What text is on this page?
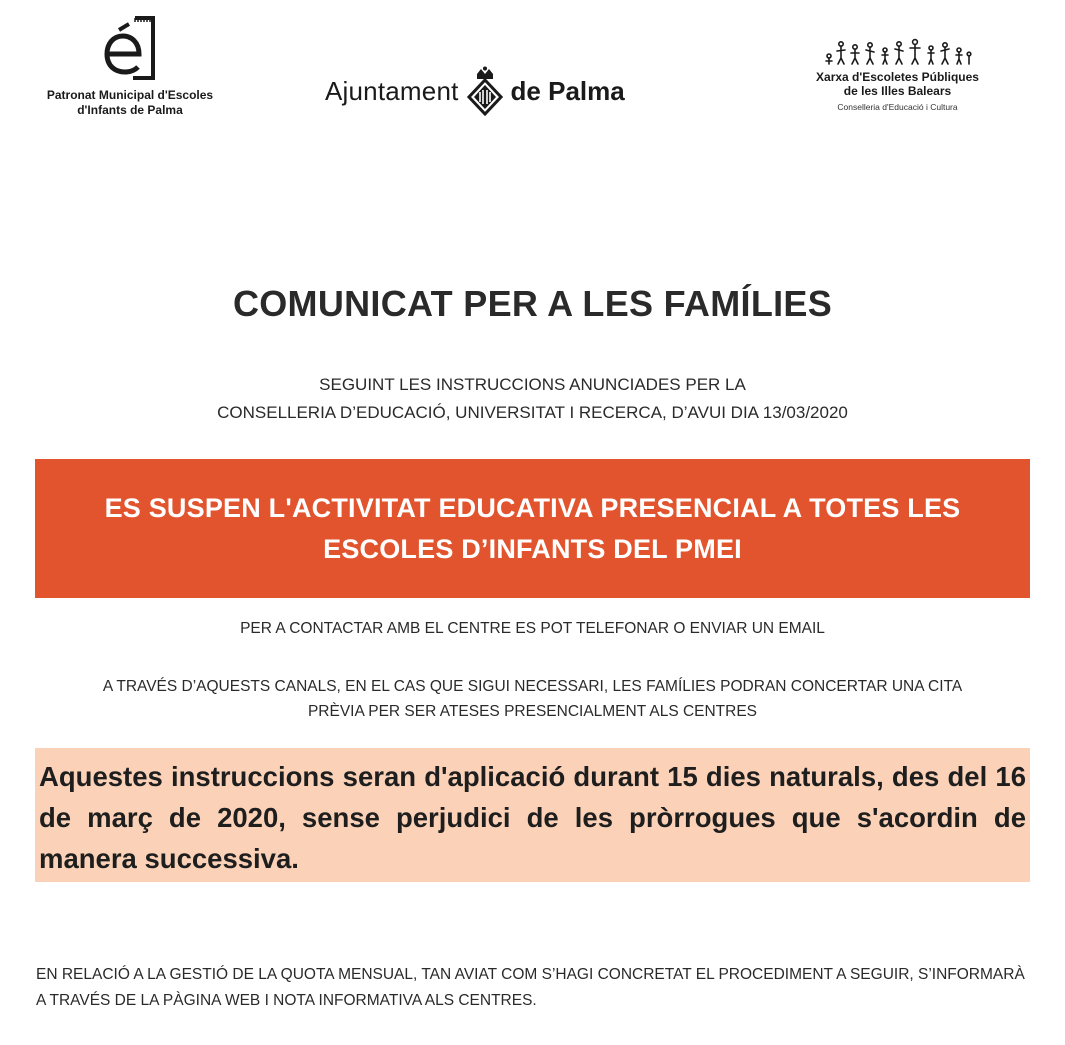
Patronat Municipal d'Escoles
d'Infants de Palma
Ajuntament de Palma	Xarxa d'Escoletes Públiques
de les Illes Balears
Conselleria d'Educació i Cultura
COMUNICAT PER A LES FAMÍLIES
SEGUINT LES INSTRUCCIONS ANUNCIADES PER LA
CONSELLERIA D’EDUCACIÓ, UNIVERSITAT I RECERCA, D’AVUI DIA 13/03/2020
ES SUSPEN L'ACTIVITAT EDUCATIVA PRESENCIAL A TOTES LES
ESCOLES D’INFANTS DEL PMEI
PER A CONTACTAR AMB EL CENTRE ES POT TELEFONAR O ENVIAR UN EMAIL
A TRAVÉS D’AQUESTS CANALS, EN EL CAS QUE SIGUI NECESSARI, LES FAMÍLIES PODRAN CONCERTAR UNA CITA
PRÈVIA PER SER ATESES PRESENCIALMENT ALS CENTRES
Aquestes instruccions seran d'aplicació durant 15 dies naturals, des del 16 de març de 2020, sense perjudici de les pròrrogues que s'acordin de manera successiva.
EN RELACIÓ A LA GESTIÓ DE LA QUOTA MENSUAL, TAN AVIAT COM S’HAGI CONCRETAT EL PROCEDIMENT A SEGUIR, S’INFORMARÀ A TRAVÉS DE LA PÀGINA WEB I NOTA INFORMATIVA ALS CENTRES.
